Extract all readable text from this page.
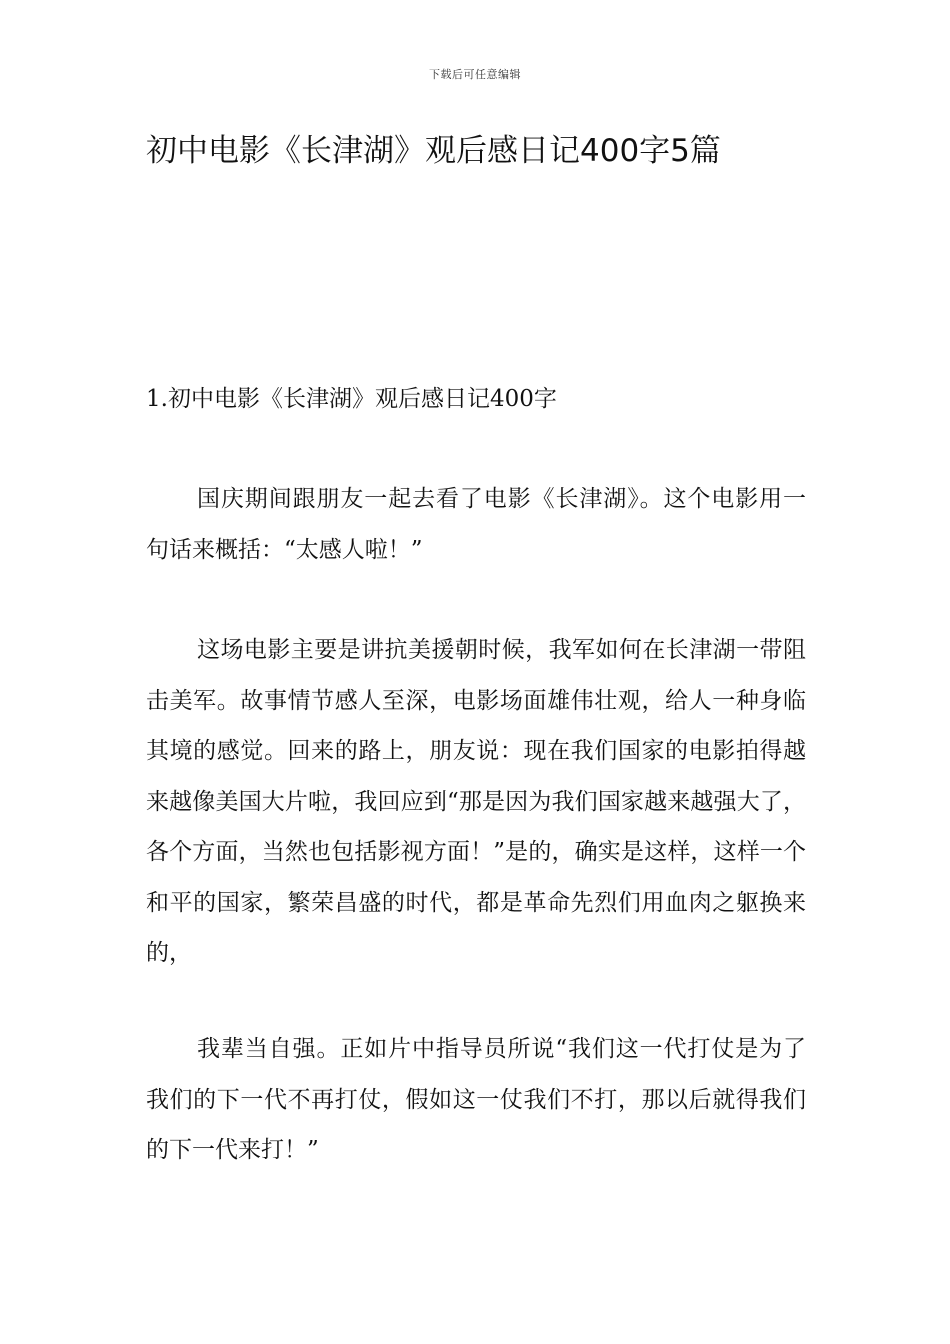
下载后可任意编辑
初中电影《长津湖》观后感日记400字5篇
1.初中电影《长津湖》观后感日记400字

国庆期间跟朋友一起去看了电影《长津湖》。这个电影用一句话来概括：“太感人啦！”

这场电影主要是讲抗美援朝时候，我军如何在长津湖一带阻击美军。故事情节感人至深，电影场面雄伟壮观，给人一种身临其境的感觉。回来的路上，朋友说：现在我们国家的电影拍得越来越像美国大片啦，我回应到“那是因为我们国家越来越强大了，各个方面，当然也包括影视方面！”是的，确实是这样，这样一个和平的国家，繁荣昌盛的时代，都是革命先烈们用血肉之躯换来的，

我辈当自强。正如片中指导员所说“我们这一代打仗是为了我们的下一代不再打仗，假如这一仗我们不打，那以后就得我们的下一代来打！”
